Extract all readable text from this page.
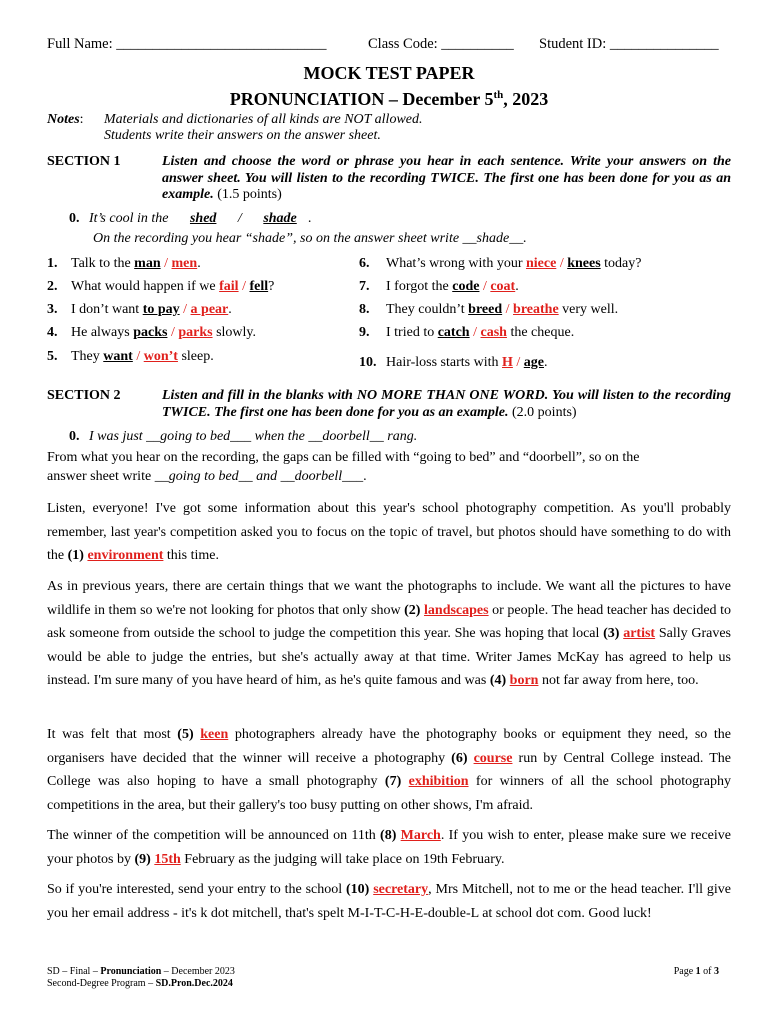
Full Name: _____________________________	Class Code: __________ Student ID: _______________
MOCK TEST PAPER
PRONUNCIATION – December 5th, 2023
Notes: Materials and dictionaries of all kinds are NOT allowed.
Students write their answers on the answer sheet.
SECTION 1	Listen and choose the word or phrase you hear in each sentence. Write your answers on the answer sheet. You will listen to the recording TWICE. The first one has been done for you as an example. (1.5 points)
0. It’s cool in the shed / shade .
On the recording you hear “shade”, so on the answer sheet write __shade__.
1. Talk to the man / men.
2. What would happen if we fail / fell?
3. I don’t want to pay / a pear.
4. He always packs / parks slowly.
5. They want / won’t sleep.
6. What’s wrong with your niece / knees today?
7. I forgot the code / coat.
8. They couldn’t breed / breathe very well.
9. I tried to catch / cash the cheque.
10. Hair-loss starts with H / age.
SECTION 2	Listen and fill in the blanks with NO MORE THAN ONE WORD. You will listen to the recording TWICE. The first one has been done for you as an example. (2.0 points)
0. I was just __going to bed___ when the __doorbell__ rang.
From what you hear on the recording, the gaps can be filled with “going to bed” and “doorbell”, so on the
answer sheet write __going to bed__ and __doorbell___.
Listen, everyone! I've got some information about this year's school photography competition. As you'll probably remember, last year's competition asked you to focus on the topic of travel, but photos should have something to do with the (1) environment this time.
As in previous years, there are certain things that we want the photographs to include. We want all the pictures to have wildlife in them so we're not looking for photos that only show (2) landscapes or people. The head teacher has decided to ask someone from outside the school to judge the competition this year. She was hoping that local (3) artist Sally Graves would be able to judge the entries, but she's actually away at that time. Writer James McKay has agreed to help us instead. I'm sure many of you have heard of him, as he's quite famous and was (4) born not far away from here, too.
It was felt that most (5) keen photographers already have the photography books or equipment they need, so the organisers have decided that the winner will receive a photography (6) course run by Central College instead. The College was also hoping to have a small photography (7) exhibition for winners of all the school photography competitions in the area, but their gallery's too busy putting on other shows, I'm afraid.
The winner of the competition will be announced on 11th (8) March. If you wish to enter, please make sure we receive your photos by (9) 15th February as the judging will take place on 19th February.
So if you're interested, send your entry to the school (10) secretary, Mrs Mitchell, not to me or the head teacher. I'll give you her email address - it's k dot mitchell, that's spelt M-I-T-C-H-E-double-L at school dot com. Good luck!
SD – Final – Pronunciation – December 2023
Second-Degree Program – SD.Pron.Dec.2024
Page 1 of 3
